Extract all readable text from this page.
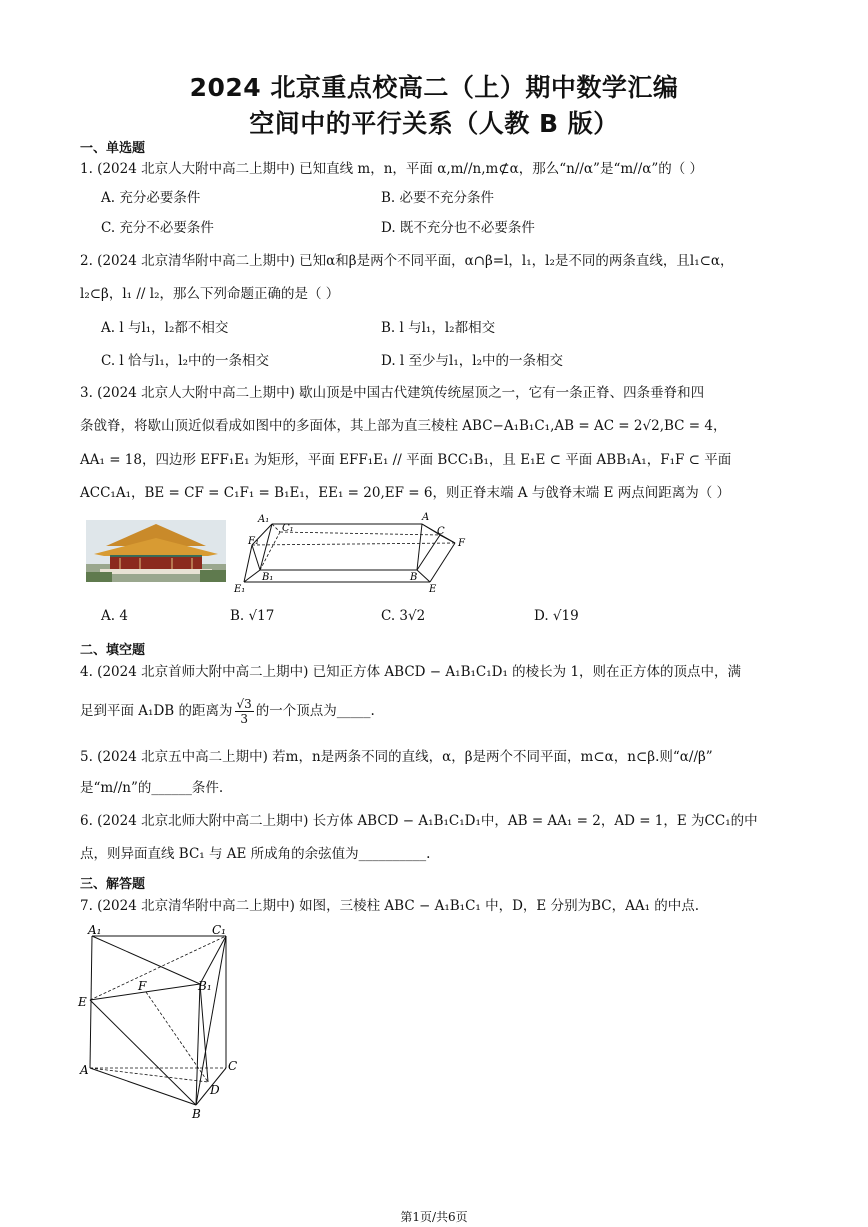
2024 北京重点校高二（上）期中数学汇编
空间中的平行关系（人教 B 版）
一、单选题
1. (2024 北京人大附中高二上期中) 已知直线 m，n，平面 α,m//n,m⊄α，那么“n//α”是“m//α”的（ ）
A. 充分必要条件	B. 必要不充分条件
C. 充分不必要条件	D. 既不充分也不必要条件
2. (2024 北京清华附中高二上期中) 已知α和β是两个不同平面，α∩β=l，l₁，l₂是不同的两条直线，且l₁⊂α，
l₂⊂β，l₁ // l₂，那么下列命题正确的是（ ）
A. l 与l₁，l₂都不相交	B. l 与l₁，l₂都相交
C. l 恰与l₁，l₂中的一条相交	D. l 至少与l₁，l₂中的一条相交
3. (2024 北京人大附中高二上期中) 歇山顶是中国古代建筑传统屋顶之一，它有一条正脊、四条垂脊和四
条戗脊，将歇山顶近似看成如图中的多面体，其上部为直三棱柱 ABC−A₁B₁C₁,AB = AC = 2√2,BC = 4，
AA₁ = 18，四边形 EFF₁E₁ 为矩形，平面 EFF₁E₁ // 平面 BCC₁B₁，且 E₁E ⊂ 平面 ABB₁A₁，F₁F ⊂ 平面
ACC₁A₁，BE = CF = C₁F₁ = B₁E₁，EE₁ = 20,EF = 6，则正脊末端 A 与戗脊末端 E 两点间距离为（ ）
A₁
C₁
F₁
E₁
B₁
A
C
F
B
E
A. 4	B. √17	C. 3√2	D. √19
二、填空题
4. (2024 北京首师大附中高二上期中) 已知正方体 ABCD − A₁B₁C₁D₁ 的棱长为 1，则在正方体的顶点中，满
足到平面 A₁DB 的距离为 $\frac{√3}{3}$ 的一个顶点为_____.
5. (2024 北京五中高二上期中) 若m，n是两条不同的直线，α，β是两个不同平面，m⊂α，n⊂β.则“α//β”
是“m//n”的______条件.
6. (2024 北京北师大附中高二上期中) 长方体 ABCD − A₁B₁C₁D₁中，AB = AA₁ = 2，AD = 1，E 为CC₁的中
点，则异面直线 BC₁ 与 AE 所成角的余弦值为__________.
三、解答题
7. (2024 北京清华附中高二上期中) 如图，三棱柱 ABC − A₁B₁C₁ 中，D，E 分别为BC，AA₁ 的中点.
A₁	C₁
F	B₁
E
A	C
D
B
第1页/共6页
